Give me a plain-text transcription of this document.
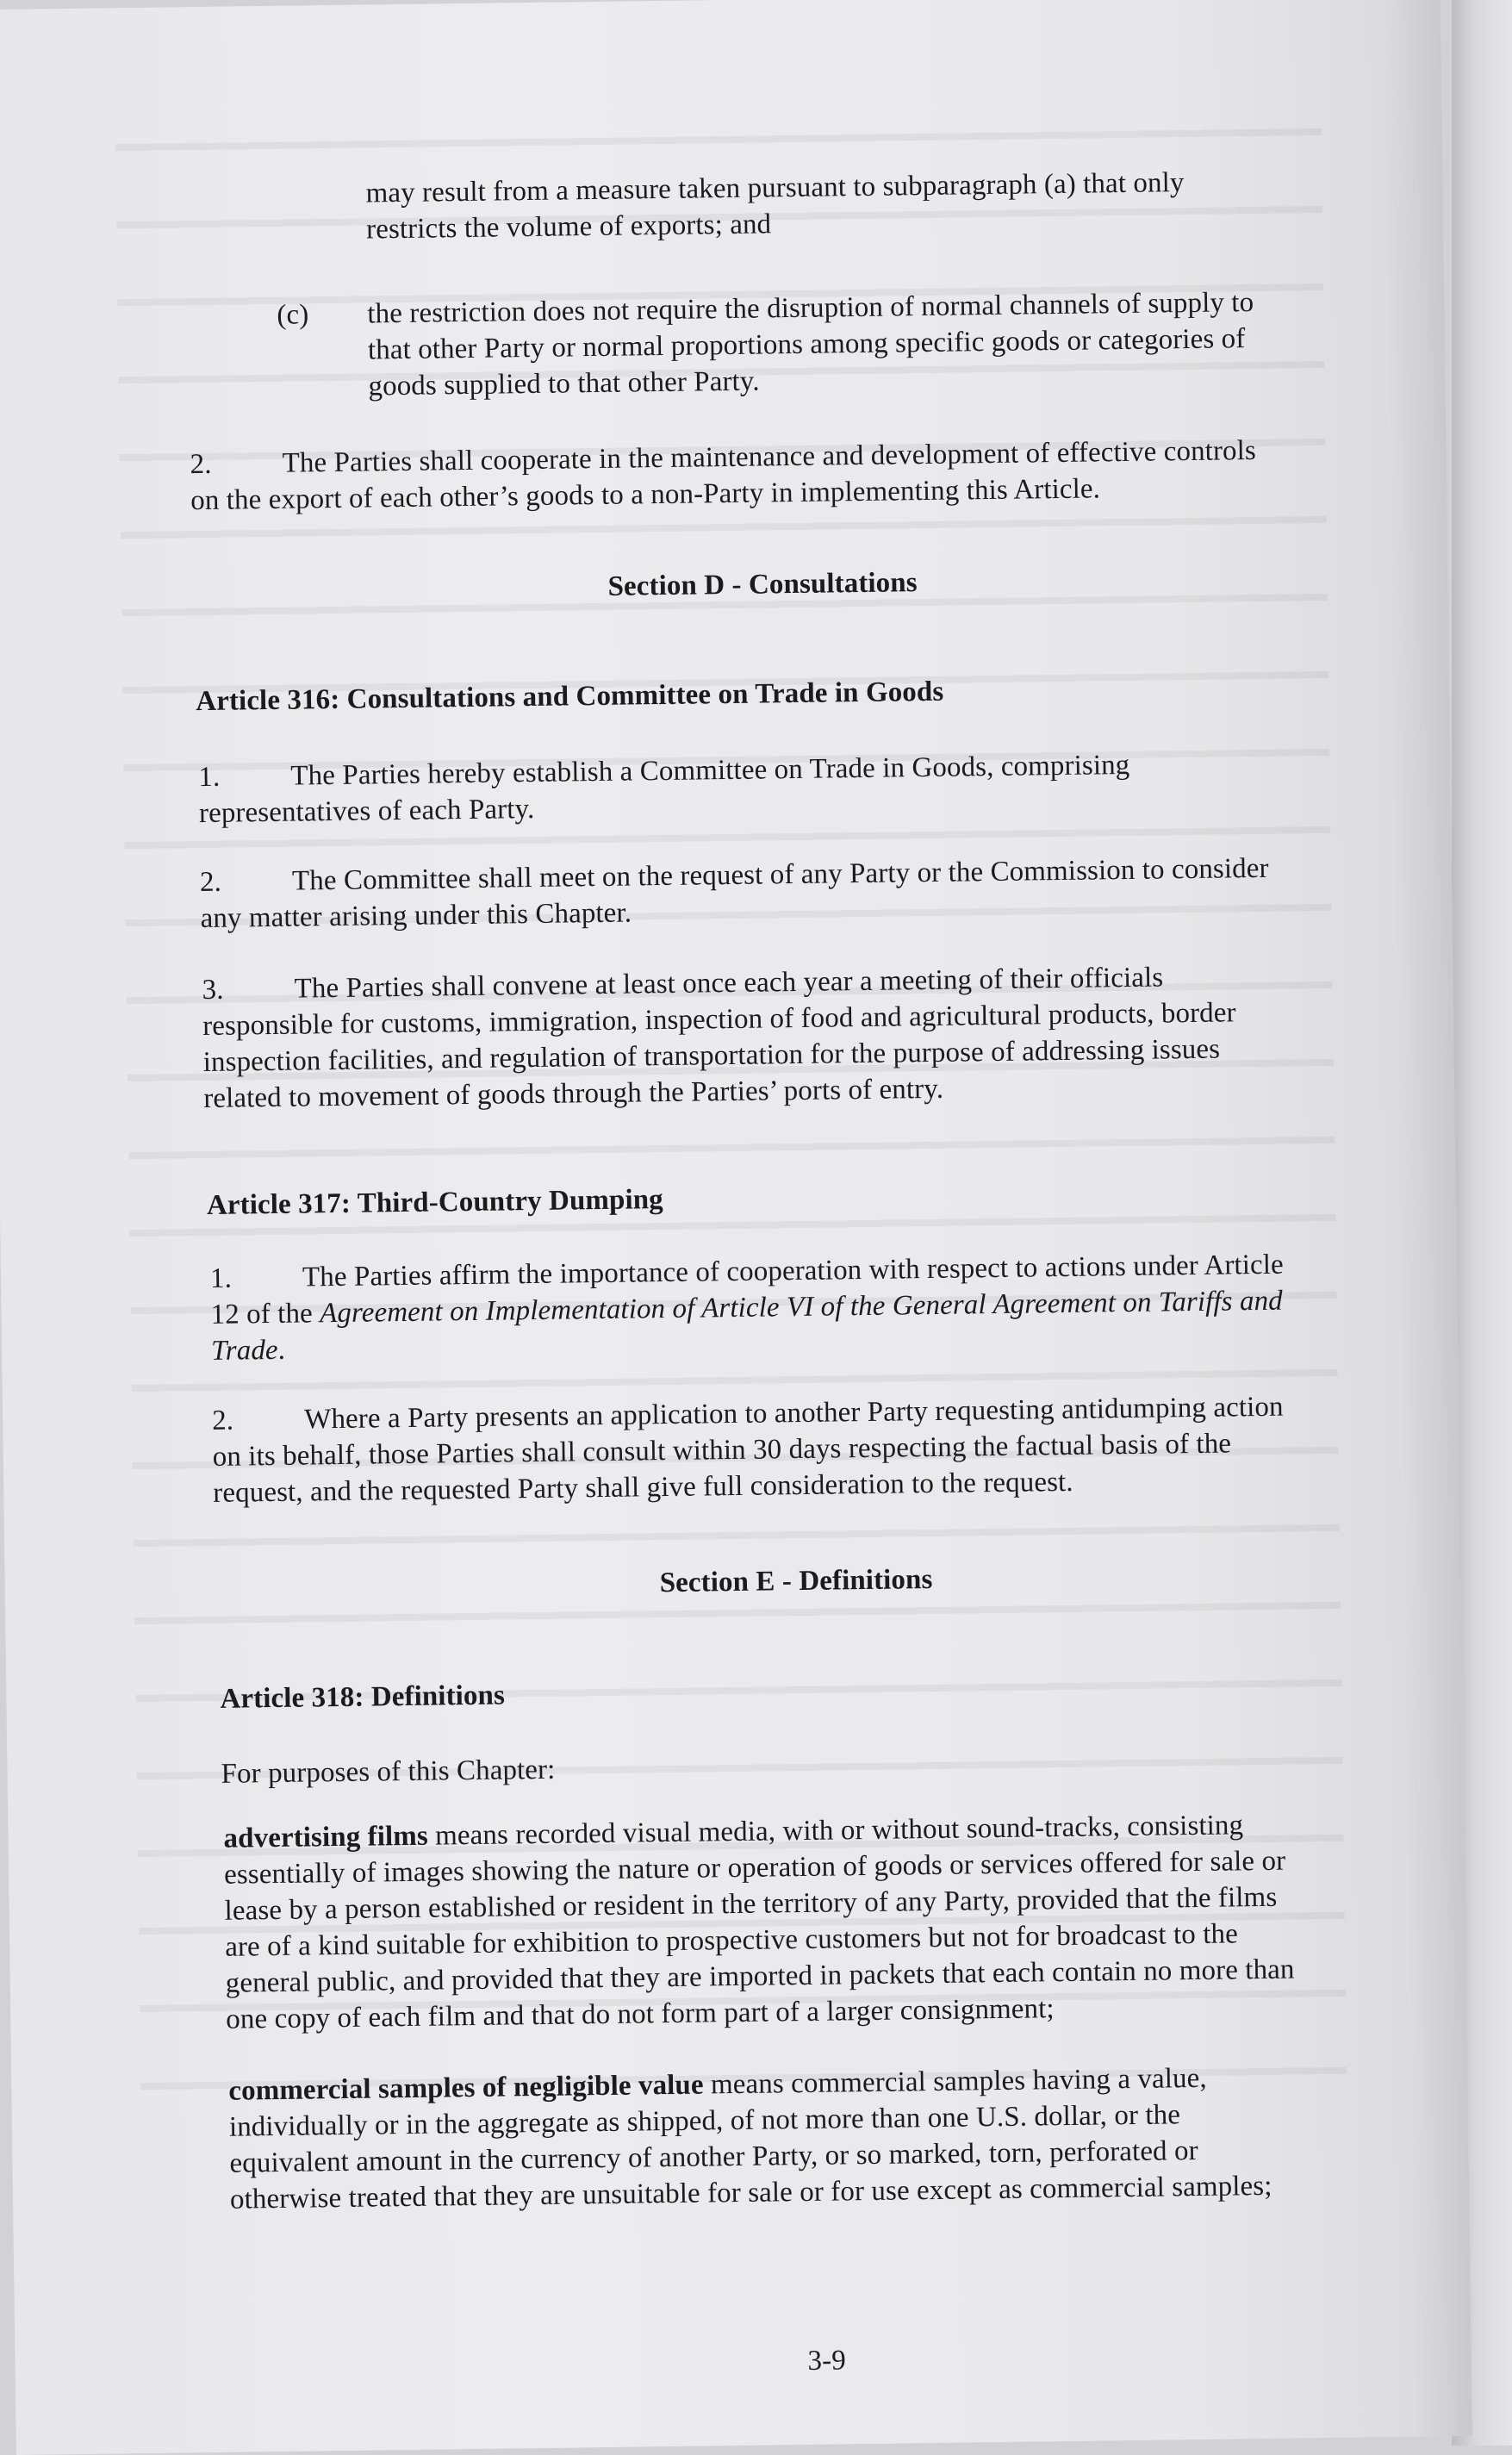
may result from a measure taken pursuant to subparagraph (a) that only
restricts the volume of exports; and
(c) the restriction does not require the disruption of normal channels of supply to
that other Party or normal proportions among specific goods or categories of
goods supplied to that other Party.
2. The Parties shall cooperate in the maintenance and development of effective controls
on the export of each other’s goods to a non-Party in implementing this Article.
Section D - Consultations
Article 316: Consultations and Committee on Trade in Goods
1. The Parties hereby establish a Committee on Trade in Goods, comprising
representatives of each Party.
2. The Committee shall meet on the request of any Party or the Commission to consider
any matter arising under this Chapter.
3. The Parties shall convene at least once each year a meeting of their officials
responsible for customs, immigration, inspection of food and agricultural products, border
inspection facilities, and regulation of transportation for the purpose of addressing issues
related to movement of goods through the Parties’ ports of entry.
Article 317: Third-Country Dumping
1. The Parties affirm the importance of cooperation with respect to actions under Article
12 of the Agreement on Implementation of Article VI of the General Agreement on Tariffs and
Trade.
2. Where a Party presents an application to another Party requesting antidumping action
on its behalf, those Parties shall consult within 30 days respecting the factual basis of the
request, and the requested Party shall give full consideration to the request.
Section E - Definitions
Article 318: Definitions
For purposes of this Chapter:
advertising films means recorded visual media, with or without sound-tracks, consisting
essentially of images showing the nature or operation of goods or services offered for sale or
lease by a person established or resident in the territory of any Party, provided that the films
are of a kind suitable for exhibition to prospective customers but not for broadcast to the
general public, and provided that they are imported in packets that each contain no more than
one copy of each film and that do not form part of a larger consignment;
commercial samples of negligible value means commercial samples having a value,
individually or in the aggregate as shipped, of not more than one U.S. dollar, or the
equivalent amount in the currency of another Party, or so marked, torn, perforated or
otherwise treated that they are unsuitable for sale or for use except as commercial samples;
3-9
